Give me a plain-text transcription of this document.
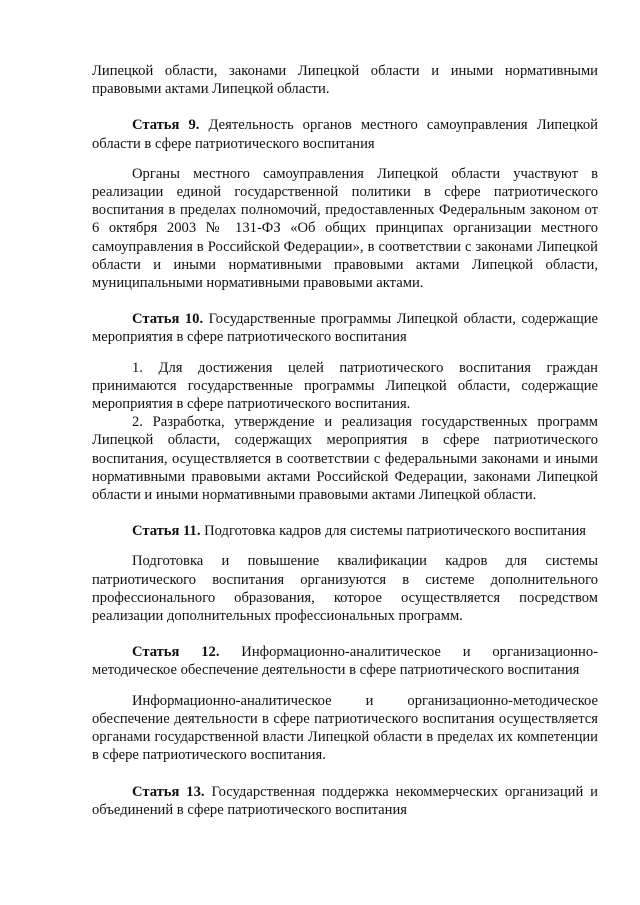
Липецкой области, законами Липецкой области и иными нормативными правовыми актами Липецкой области.

Статья 9. Деятельность органов местного самоуправления Липецкой области в сфере патриотического воспитания

Органы местного самоуправления Липецкой области участвуют в реализации единой государственной политики в сфере патриотического воспитания в пределах полномочий, предоставленных Федеральным законом от 6 октября 2003 № 131-ФЗ «Об общих принципах организации местного самоуправления в Российской Федерации», в соответствии с законами Липецкой области и иными нормативными правовыми актами Липецкой области, муниципальными нормативными правовыми актами.

Статья 10. Государственные программы Липецкой области, содержащие мероприятия в сфере патриотического воспитания

1. Для достижения целей патриотического воспитания граждан принимаются государственные программы Липецкой области, содержащие мероприятия в сфере патриотического воспитания.

2. Разработка, утверждение и реализация государственных программ Липецкой области, содержащих мероприятия в сфере патриотического воспитания, осуществляется в соответствии с федеральными законами и иными нормативными правовыми актами Российской Федерации, законами Липецкой области и иными нормативными правовыми актами Липецкой области.

Статья 11. Подготовка кадров для системы патриотического воспитания

Подготовка и повышение квалификации кадров для системы патриотического воспитания организуются в системе дополнительного профессионального образования, которое осуществляется посредством реализации дополнительных профессиональных программ.

Статья 12. Информационно-аналитическое и организационно-методическое обеспечение деятельности в сфере патриотического воспитания

Информационно-аналитическое и организационно-методическое обеспечение деятельности в сфере патриотического воспитания осуществляется органами государственной власти Липецкой области в пределах их компетенции в сфере патриотического воспитания.

Статья 13. Государственная поддержка некоммерческих организаций и объединений в сфере патриотического воспитания
